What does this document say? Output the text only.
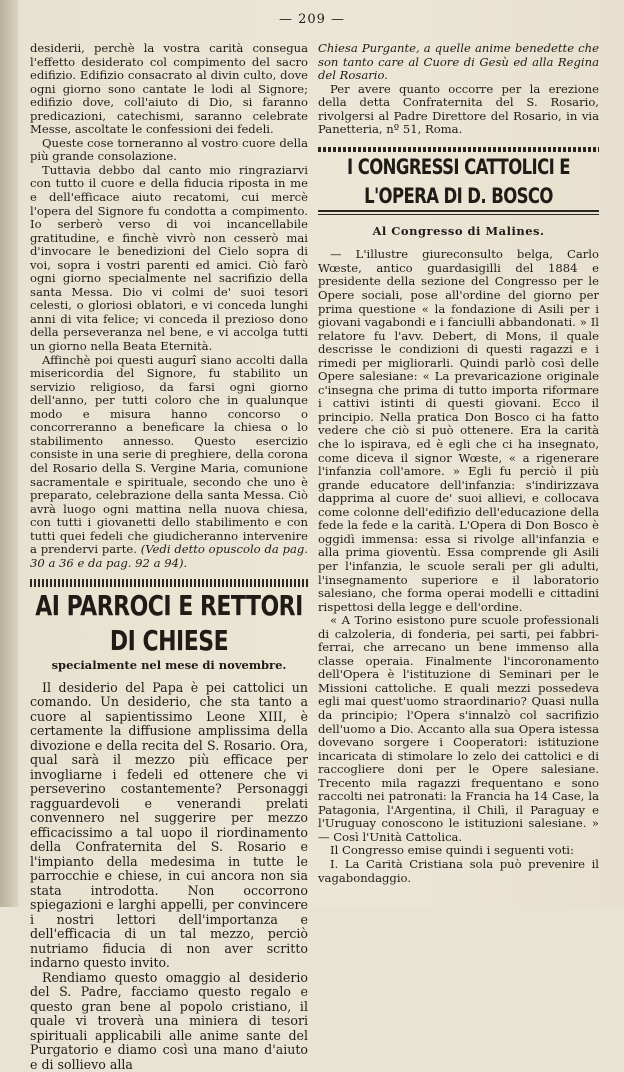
— 209 —

desiderii, perchè la vostra carità consegua l'effetto desiderato col compimento del sacro edifizio. Edifizio consacrato al divin culto, dove ogni giorno sono cantate le lodi al Signore; edifizio dove, coll'aiuto di Dio, si faranno predicazioni, catechismi, saranno celebrate Messe, ascoltate le confessioni dei fedeli.

Queste cose torneranno al vostro cuore della più grande consolazione.

Tuttavia debbo dal canto mio ringraziarvi con tutto il cuore e della fiducia riposta in me e dell'efficace aiuto recatomi, cui mercè l'opera del Signore fu condotta a compimento. Io serberò verso di voi incancellabile gratitudine, e finchè vivrò non cesserò mai d'invocare le benedizioni del Cielo sopra di voi, sopra i vostri parenti ed amici. Ciò farò ogni giorno specialmente nel sacrifizio della santa Messa. Dio vi colmi de' suoi tesori celesti, o gloriosi oblatori, e vi conceda lunghi anni di vita felice; vi conceda il prezioso dono della perseveranza nel bene, e vi accolga tutti un giorno nella Beata Eternità.

Affinchè poi questi augurî siano accolti dalla misericordia del Signore, fu stabilito un servizio religioso, da farsi ogni giorno dell'anno, per tutti coloro che in qualunque modo e misura hanno concorso o concorreranno a beneficare la chiesa o lo stabilimento annesso. Questo esercizio consiste in una serie di preghiere, della corona del Rosario della S. Vergine Maria, comunione sacramentale e spirituale, secondo che uno è preparato, celebrazione della santa Messa. Ciò avrà luogo ogni mattina nella nuova chiesa, con tutti i giovanetti dello stabilimento e con tutti quei fedeli che giudicheranno intervenire a prendervi parte. (Vedi detto opuscolo da pag. 30 a 36 e da pag. 92 a 94).

AI PARROCI E RETTORI DI CHIESE
specialmente nel mese di novembre.

Il desiderio del Papa è pei cattolici un comando. Un desiderio, che sta tanto a cuore al sapientissimo Leone XIII, è certamente la diffusione amplissima della divozione e della recita del S. Rosario. Ora, qual sarà il mezzo più efficace per invogliarne i fedeli ed ottenere che vi perseverino costantemente? Personaggi ragguardevoli e venerandi prelati convennero nel suggerire per mezzo efficacissimo a tal uopo il riordinamento della Confraternita del S. Rosario e l'impianto della medesima in tutte le parrocchie e chiese, in cui ancora non sia stata introdotta. Non occorrono spiegazioni e larghi appelli, per convincere i nostri lettori dell'importanza e dell'efficacia di un tal mezzo, perciò nutriamo fiducia di non aver scritto indarno questo invito.

Rendiamo questo omaggio al desiderio del S. Padre, facciamo questo regalo e questo gran bene al popolo cristiano, il quale vi troverà una miniera di tesori spirituali applicabili alle anime sante del Purgatorio e diamo così una mano d'aiuto e di sollievo alla

Chiesa Purgante, a quelle anime benedette che son tanto care al Cuore di Gesù ed alla Regina del Rosario.

Per avere quanto occorre per la erezione della detta Confraternita del S. Rosario, rivolgersi al Padre Direttore del Rosario, in via Panetteria, nº 51, Roma.

I CONGRESSI CATTOLICI E L'OPERA DI D. BOSCO
Al Congresso di Malines.

— L'illustre giureconsulto belga, Carlo Wœste, antico guardasigilli del 1884 e presidente della sezione del Congresso per le Opere sociali, pose all'ordine del giorno per prima questione « la fondazione di Asili per i giovani vagabondi e i fanciulli abbandonati. » Il relatore fu l'avv. Debert, di Mons, il quale descrisse le condizioni di questi ragazzi e i rimedi per migliorarli. Quindi parlò così delle Opere salesiane: « La prevaricazione originale c'insegna che prima di tutto importa riformare i cattivi istinti di questi giovani. Ecco il principio. Nella pratica Don Bosco ci ha fatto vedere che ciò si può ottenere. Era la carità che lo ispirava, ed è egli che ci ha insegnato, come diceva il signor Wœste, « a rigenerare l'infanzia coll'amore. » Egli fu perciò il più grande educatore dell'infanzia: s'indirizzava dapprima al cuore de' suoi allievi, e collocava come colonne dell'edifizio dell'educazione della fede la fede e la carità. L'Opera di Don Bosco è oggidì immensa: essa si rivolge all'infanzia e alla prima gioventù. Essa comprende gli Asili per l'infanzia, le scuole serali per gli adulti, l'insegnamento superiore e il laboratorio salesiano, che forma operai modelli e cittadini rispettosi della legge e dell'ordine.

« A Torino esistono pure scuole professionali di calzoleria, di fonderia, pei sarti, pei fabbri-ferrai, che arrecano un bene immenso alla classe operaia. Finalmente l'incoronamento dell'Opera è l'istituzione di Seminari per le Missioni cattoliche. E quali mezzi possedeva egli mai quest'uomo straordinario? Quasi nulla da principio; l'Opera s'innalzò col sacrifizio dell'uomo a Dio. Accanto alla sua Opera istessa dovevano sorgere i Cooperatori: istituzione incaricata di stimolare lo zelo dei cattolici e di raccogliere doni per le Opere salesiane. Trecento mila ragazzi frequentano e sono raccolti nei patronati: la Francia ha 14 Case, la Patagonia, l'Argentina, il Chilì, il Paraguay e l'Uruguay conoscono le istituzioni salesiane. » — Così l'Unità Cattolica.

Il Congresso emise quindi i seguenti voti:

I. La Carità Cristiana sola può prevenire il vagabondaggio.
